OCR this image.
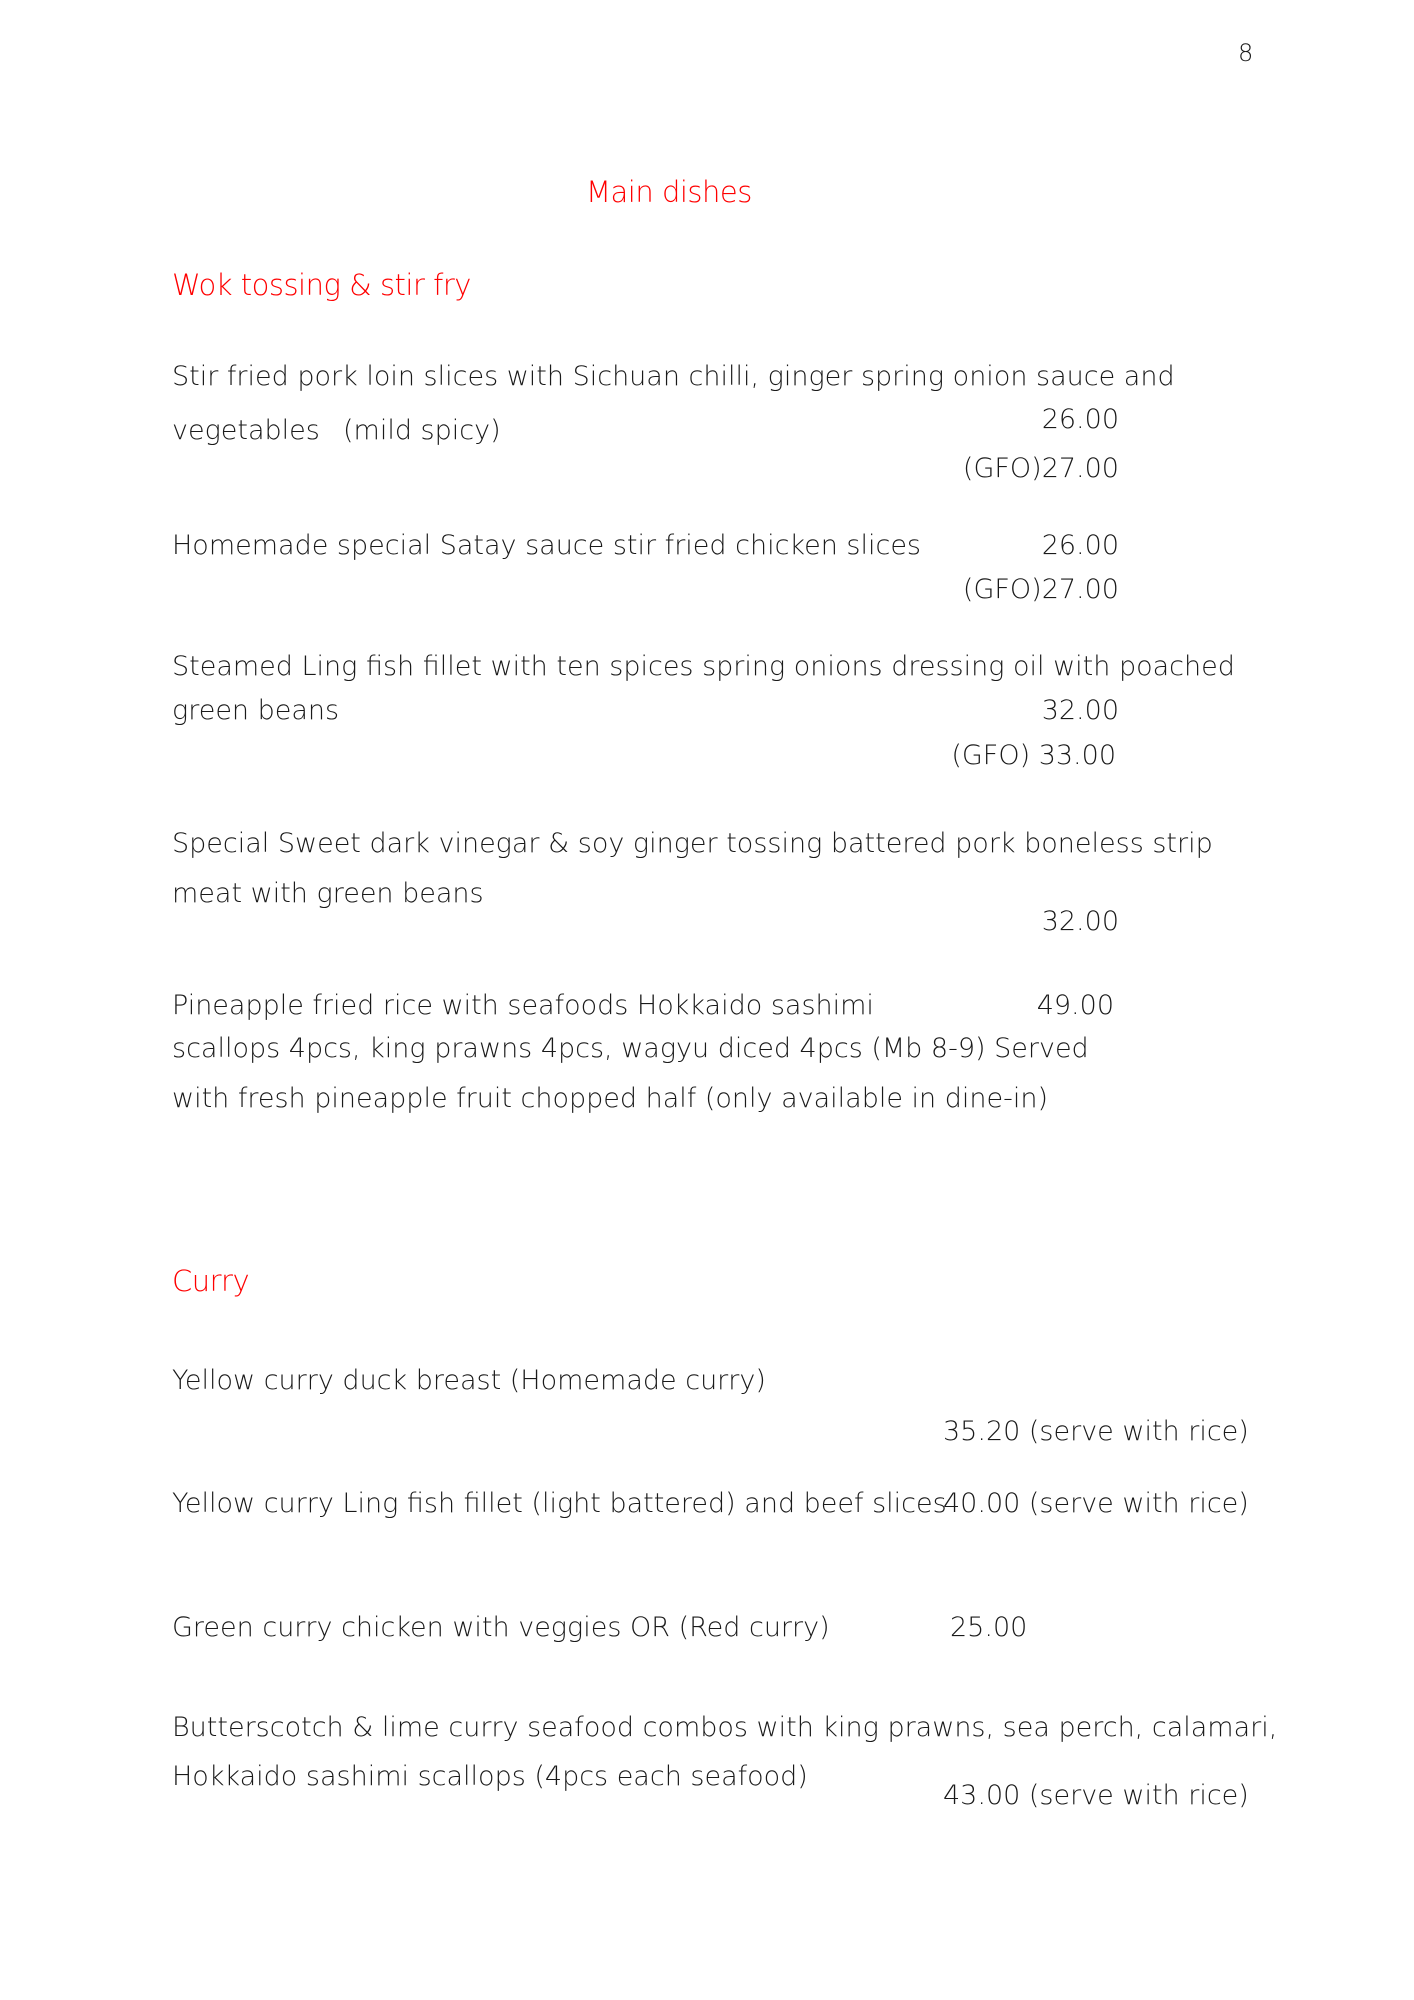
8
Main dishes
Wok tossing & stir fry
Stir fried pork loin slices with Sichuan chilli, ginger spring onion sauce and
vegetables (mild spicy)	26.00
(GFO)27.00
Homemade special Satay sauce stir fried chicken slices	26.00
(GFO)27.00
Steamed Ling fish fillet with ten spices spring onions dressing oil with poached
green beans	32.00
(GFO) 33.00
Special Sweet dark vinegar & soy ginger tossing battered pork boneless strip
meat with green beans
32.00
Pineapple fried rice with seafoods Hokkaido sashimi	49.00
scallops 4pcs, king prawns 4pcs, wagyu diced 4pcs (Mb 8-9) Served
with fresh pineapple fruit chopped half (only available in dine-in)
Curry
Yellow curry duck breast (Homemade curry)
35.20 (serve with rice)
Yellow curry Ling fish fillet (light battered) and beef slices
40.00 (serve with rice)
Green curry chicken with veggies OR (Red curry)	25.00
Butterscotch & lime curry seafood combos with king prawns, sea perch, calamari,
Hokkaido sashimi scallops (4pcs each seafood)
43.00 (serve with rice)
